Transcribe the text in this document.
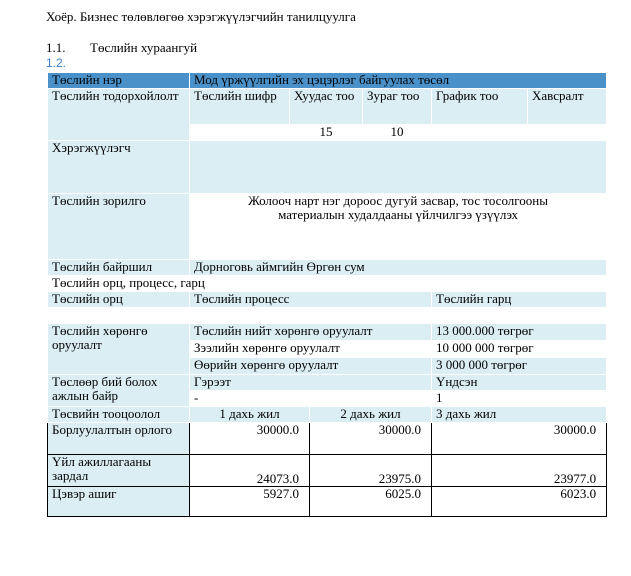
Хоёр. Бизнес төлөвлөгөө хэрэгжүүлэгчийн танилцуулга
1.1. Төслийн хураангуй
1.2.
Төслийн нэр	Мод үржүүлгийн эх цэцэрлэг байгуулах төсөл					
Төслийн тодорхойлолт	Төслийн шифр	Хуудас тоо		Зураг тоо	График тоо	Хавсралт
		15		10		
Хэрэгжүүлэгч						
Төслийн зорилго	Жолооч нарт нэг дороос дугуй засвар, тос тосолгооны материалын худалдааны үйлчилгээ үзүүлэх					
Төслийн байршил	Дорноговь аймгийн Өргөн сум					
Төслийн орц, процесс, гарц						
Төслийн орц	Төслийн процесс				Төслийн гарц	

Төслийн хөрөнгө оруулалт	Төслийн нийт хөрөнгө оруулалт				13 000.000 төгрөг	
	Зээлийн хөрөнгө оруулалт				10 000 000 төгрөг	
	Өөрийн хөрөнгө оруулалт				3 000 000 төгрөг	
Төслөөр бий болох ажлын байр	Гэрээт				Үндсэн	
	-				1	
Төсвийн тооцоолол	1 дахь жил		2 дахь жил		3 дахь жил	
Борлуулалтын орлого	30000.0		30000.0		30000.0	
Үйл ажиллагааны зардал	24073.0		23975.0		23977.0	
Цэвэр ашиг	5927.0		6025.0		6023.0	
